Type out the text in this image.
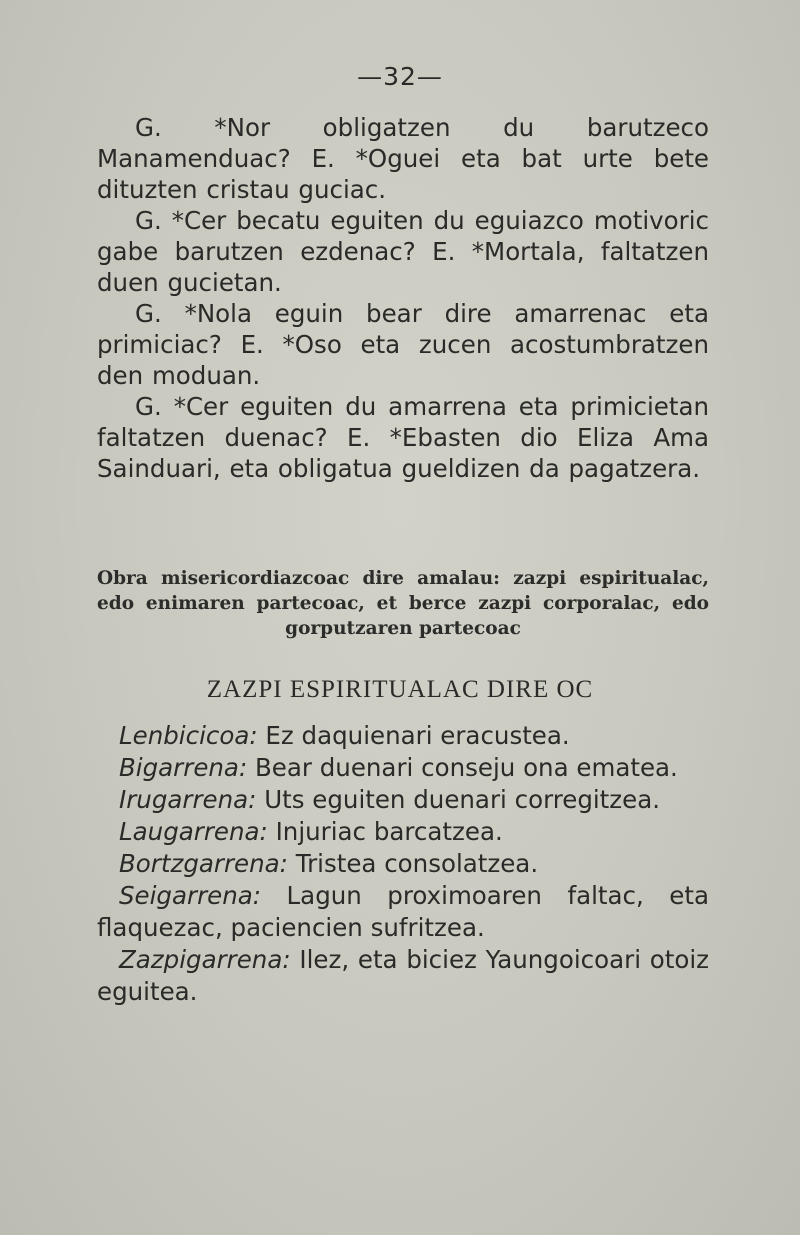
—32—

G. *Nor obligatzen du barutzeco Manamenduac? E. *Oguei eta bat urte bete dituzten cristau guciac.

G. *Cer becatu eguiten du eguiazco motivoric gabe barutzen ezdenac? E. *Mortala, faltatzen duen gucietan.

G. *Nola eguin bear dire amarrenac eta primiciac? E. *Oso eta zucen acostumbratzen den moduan.

G. *Cer eguiten du amarrena eta primicietan faltatzen duenac? E. *Ebasten dio Eliza Ama Sainduari, eta obligatua gueldizen da pagatzera.

Obra misericordiazcoac dire amalau: zazpi espiritualac, edo enimaren partecoac, et berce zazpi corporalac, edo gorputzaren partecoac
ZAZPI ESPIRITUALAC DIRE OC

Lenbicicoa: Ez daquienari eracustea.

Bigarrena: Bear duenari conseju ona ematea.

Irugarrena: Uts eguiten duenari corregitzea.

Laugarrena: Injuriac barcatzea.

Bortzgarrena: Tristea consolatzea.

Seigarrena: Lagun proximoaren faltac, eta flaquezac, paciencien sufritzea.

Zazpigarrena: Ilez, eta biciez Yaungoicoari otoiz eguitea.
